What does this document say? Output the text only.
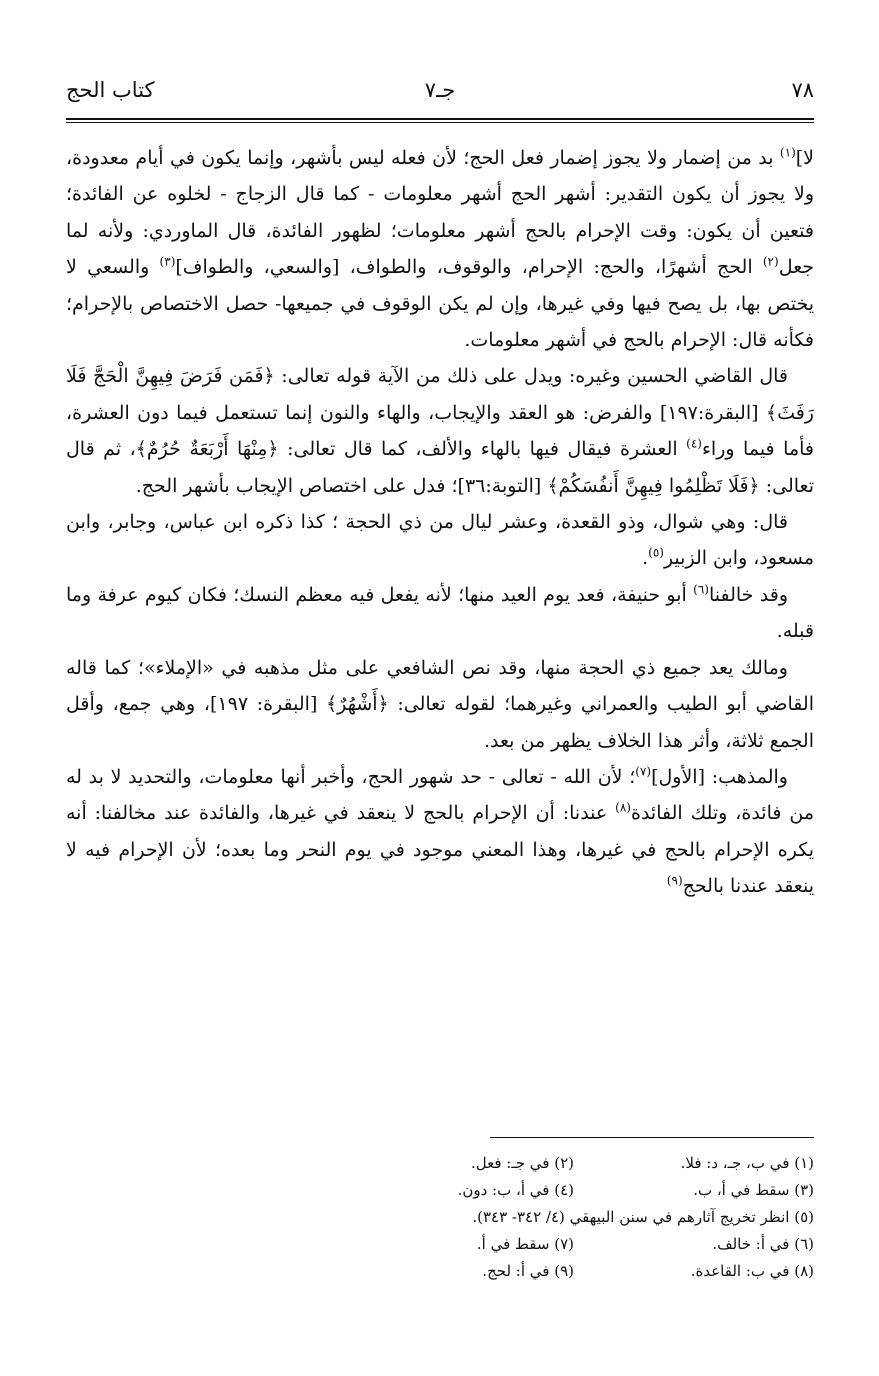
٧٨
جـ٧
كتاب الحج

لا]$^{(١)}$ بد من إضمار ولا يجوز إضمار فعل الحج؛ لأن فعله ليس بأشهر، وإنما يكون في أيام معدودة، ولا يجوز أن يكون التقدير: أشهر الحج أشهر معلومات - كما قال الزجاج - لخلوه عن الفائدة؛ فتعين أن يكون: وقت الإحرام بالحج أشهر معلومات؛ لظهور الفائدة، قال الماوردي: ولأنه لما جعل$^{(٢)}$ الحج أشهرًا، والحج: الإحرام، والوقوف، والطواف، [والسعي، والطواف]$^{(٣)}$ والسعي لا يختص بها، بل يصح فيها وفي غيرها، وإن لم يكن الوقوف في جميعها- حصل الاختصاص بالإحرام؛ فكأنه قال: الإحرام بالحج في أشهر معلومات.

قال القاضي الحسين وغيره: ويدل على ذلك من الآية قوله تعالى: ﴿فَمَن فَرَضَ فِيهِنَّ الْحَجَّ فَلَا رَفَثَ﴾ [البقرة:١٩٧] والفرض: هو العقد والإيجاب، والهاء والنون إنما تستعمل فيما دون العشرة، فأما فيما وراء$^{(٤)}$ العشرة فيقال فيها بالهاء والألف، كما قال تعالى: ﴿مِنْهَا أَرْبَعَةٌ حُرُمٌ﴾، ثم قال تعالى: ﴿فَلَا تَظْلِمُوا فِيهِنَّ أَنفُسَكُمْ﴾ [التوبة:٣٦]؛ فدل على اختصاص الإيجاب بأشهر الحج.

قال: وهي شوال، وذو القعدة، وعشر ليال من ذي الحجة ؛ كذا ذكره ابن عباس، وجابر، وابن مسعود، وابن الزبير$^{(٥)}$.

وقد خالفنا$^{(٦)}$ أبو حنيفة، فعد يوم العيد منها؛ لأنه يفعل فيه معظم النسك؛ فكان كيوم عرفة وما قبله.

ومالك يعد جميع ذي الحجة منها، وقد نص الشافعي على مثل مذهبه في «الإملاء»؛ كما قاله القاضي أبو الطيب والعمراني وغيرهما؛ لقوله تعالى: ﴿أَشْهُرٌ﴾ [البقرة: ١٩٧]، وهي جمع، وأقل الجمع ثلاثة، وأثر هذا الخلاف يظهر من بعد.

والمذهب: [الأول]$^{(٧)}$؛ لأن الله - تعالى - حد شهور الحج، وأخبر أنها معلومات، والتحديد لا بد له من فائدة، وتلك الفائدة$^{(٨)}$ عندنا: أن الإحرام بالحج لا ينعقد في غيرها، والفائدة عند مخالفنا: أنه يكره الإحرام بالحج في غيرها، وهذا المعني موجود في يوم النحر وما بعده؛ لأن الإحرام فيه لا ينعقد عندنا بالحج$^{(٩)}$

(١) في ب، جـ، د: فلا.
(٢) في جـ: فعل.
(٣) سقط في أ، ب.
(٤) في أ، ب: دون.
(٥) انظر تخريج آثارهم في سنن البيهقي (٤/ ٣٤٢- ٣٤٣).
(٦) في أ: خالف.
(٧) سقط في أ.
(٨) في ب: القاعدة.
(٩) في أ: لحج.
